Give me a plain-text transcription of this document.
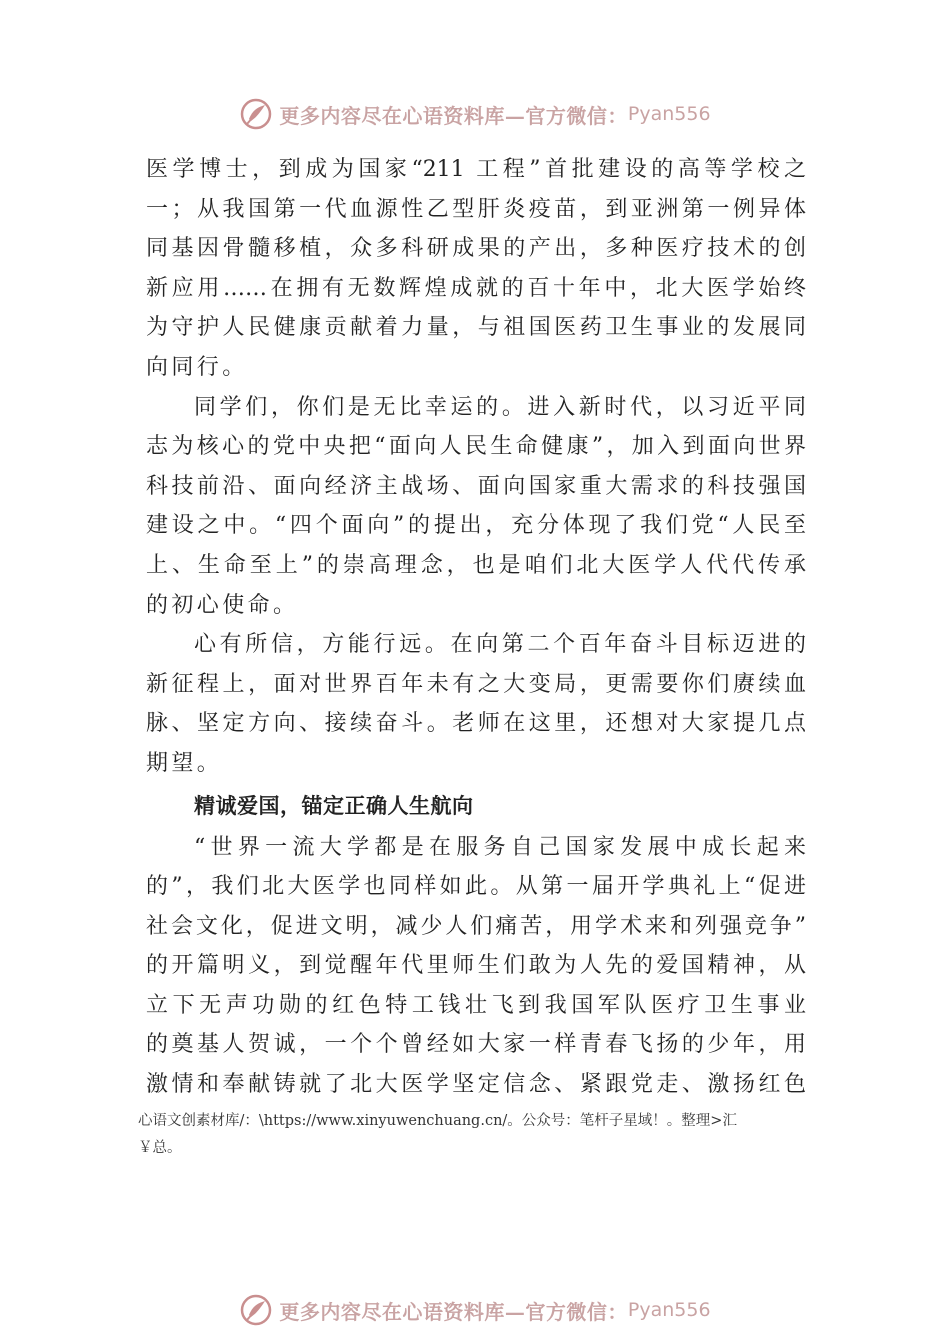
更多内容尽在心语资料库—官方微信： Pyan556
医学博士，到成为国家“211 工程”首批建设的高等学校之
一；从我国第一代血源性乙型肝炎疫苗，到亚洲第一例异体
同基因骨髓移植，众多科研成果的产出，多种医疗技术的创
新应用……在拥有无数辉煌成就的百十年中，北大医学始终
为守护人民健康贡献着力量，与祖国医药卫生事业的发展同
向同行。
同学们，你们是无比幸运的。进入新时代，以习近平同
志为核心的党中央把“面向人民生命健康”，加入到面向世界
科技前沿、面向经济主战场、面向国家重大需求的科技强国
建设之中。“四个面向”的提出，充分体现了我们党“人民至
上、生命至上”的崇高理念，也是咱们北大医学人代代传承
的初心使命。
心有所信，方能行远。在向第二个百年奋斗目标迈进的
新征程上，面对世界百年未有之大变局，更需要你们赓续血
脉、坚定方向、接续奋斗。老师在这里，还想对大家提几点
期望。
精诚爱国，锚定正确人生航向
“世界一流大学都是在服务自己国家发展中成长起来
的”，我们北大医学也同样如此。从第一届开学典礼上“促进
社会文化，促进文明，减少人们痛苦，用学术来和列强竞争”
的开篇明义，到觉醒年代里师生们敢为人先的爱国精神，从
立下无声功勋的红色特工钱壮飞到我国军队医疗卫生事业
的奠基人贺诚，一个个曾经如大家一样青春飞扬的少年，用
激情和奉献铸就了北大医学坚定信念、紧跟党走、激扬红色
心语文创素材库/：\https://www.xinyuwenchuang.cn/。公众号：笔杆子星域！。整理>汇
￥总。
更多内容尽在心语资料库—官方微信： Pyan556
